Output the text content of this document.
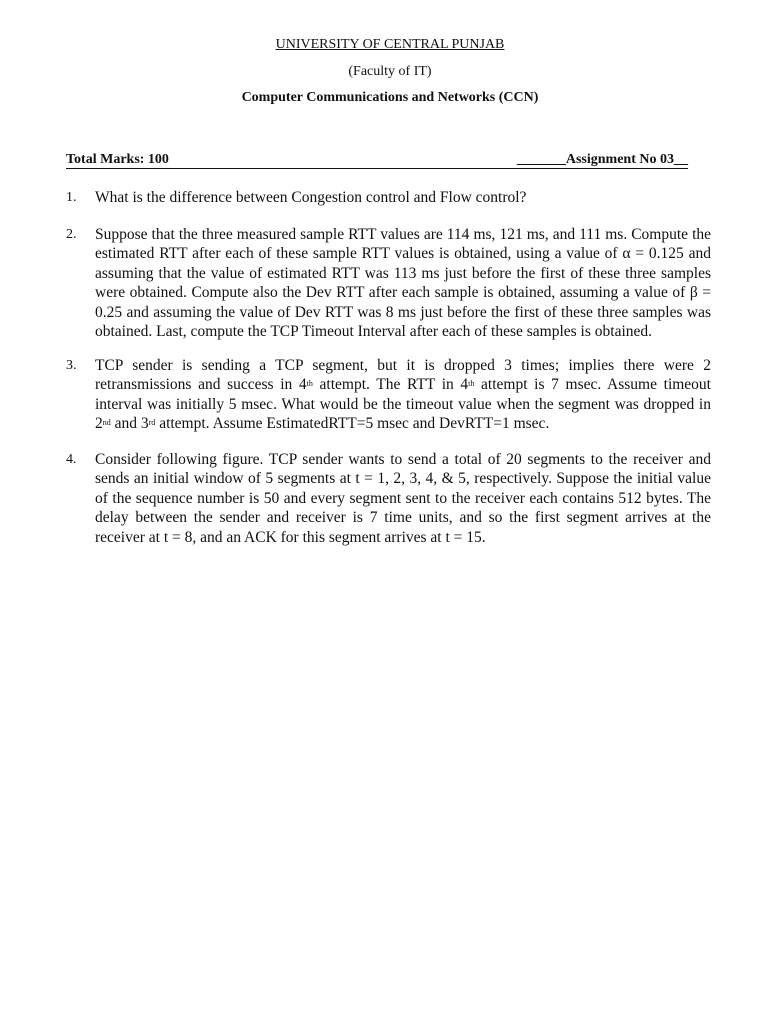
UNIVERSITY OF CENTRAL PUNJAB
(Faculty of IT)
Computer Communications and Networks (CCN)
Total Marks: 100	_______Assignment No 03__
1.	What is the difference between Congestion control and Flow control?
2.	Suppose that the three measured sample RTT values are 114 ms, 121 ms, and 111 ms. Compute the estimated RTT after each of these sample RTT values is obtained, using a value of α = 0.125 and assuming that the value of estimated RTT was 113 ms just before the first of these three samples were obtained. Compute also the Dev RTT after each sample is obtained, assuming a value of β = 0.25 and assuming the value of Dev RTT was 8 ms just before the first of these three samples was obtained. Last, compute the TCP Timeout Interval after each of these samples is obtained.
3.	TCP sender is sending a TCP segment, but it is dropped 3 times; implies there were 2 retransmissions and success in 4th attempt. The RTT in 4th attempt is 7 msec. Assume timeout interval was initially 5 msec. What would be the timeout value when the segment was dropped in 2nd and 3rd attempt. Assume EstimatedRTT=5 msec and DevRTT=1 msec.
4.	Consider following figure. TCP sender wants to send a total of 20 segments to the receiver and sends an initial window of 5 segments at t = 1, 2, 3, 4, & 5, respectively. Suppose the initial value of the sequence number is 50 and every segment sent to the receiver each contains 512 bytes. The delay between the sender and receiver is 7 time units, and so the first segment arrives at the receiver at t = 8, and an ACK for this segment arrives at t = 15.
